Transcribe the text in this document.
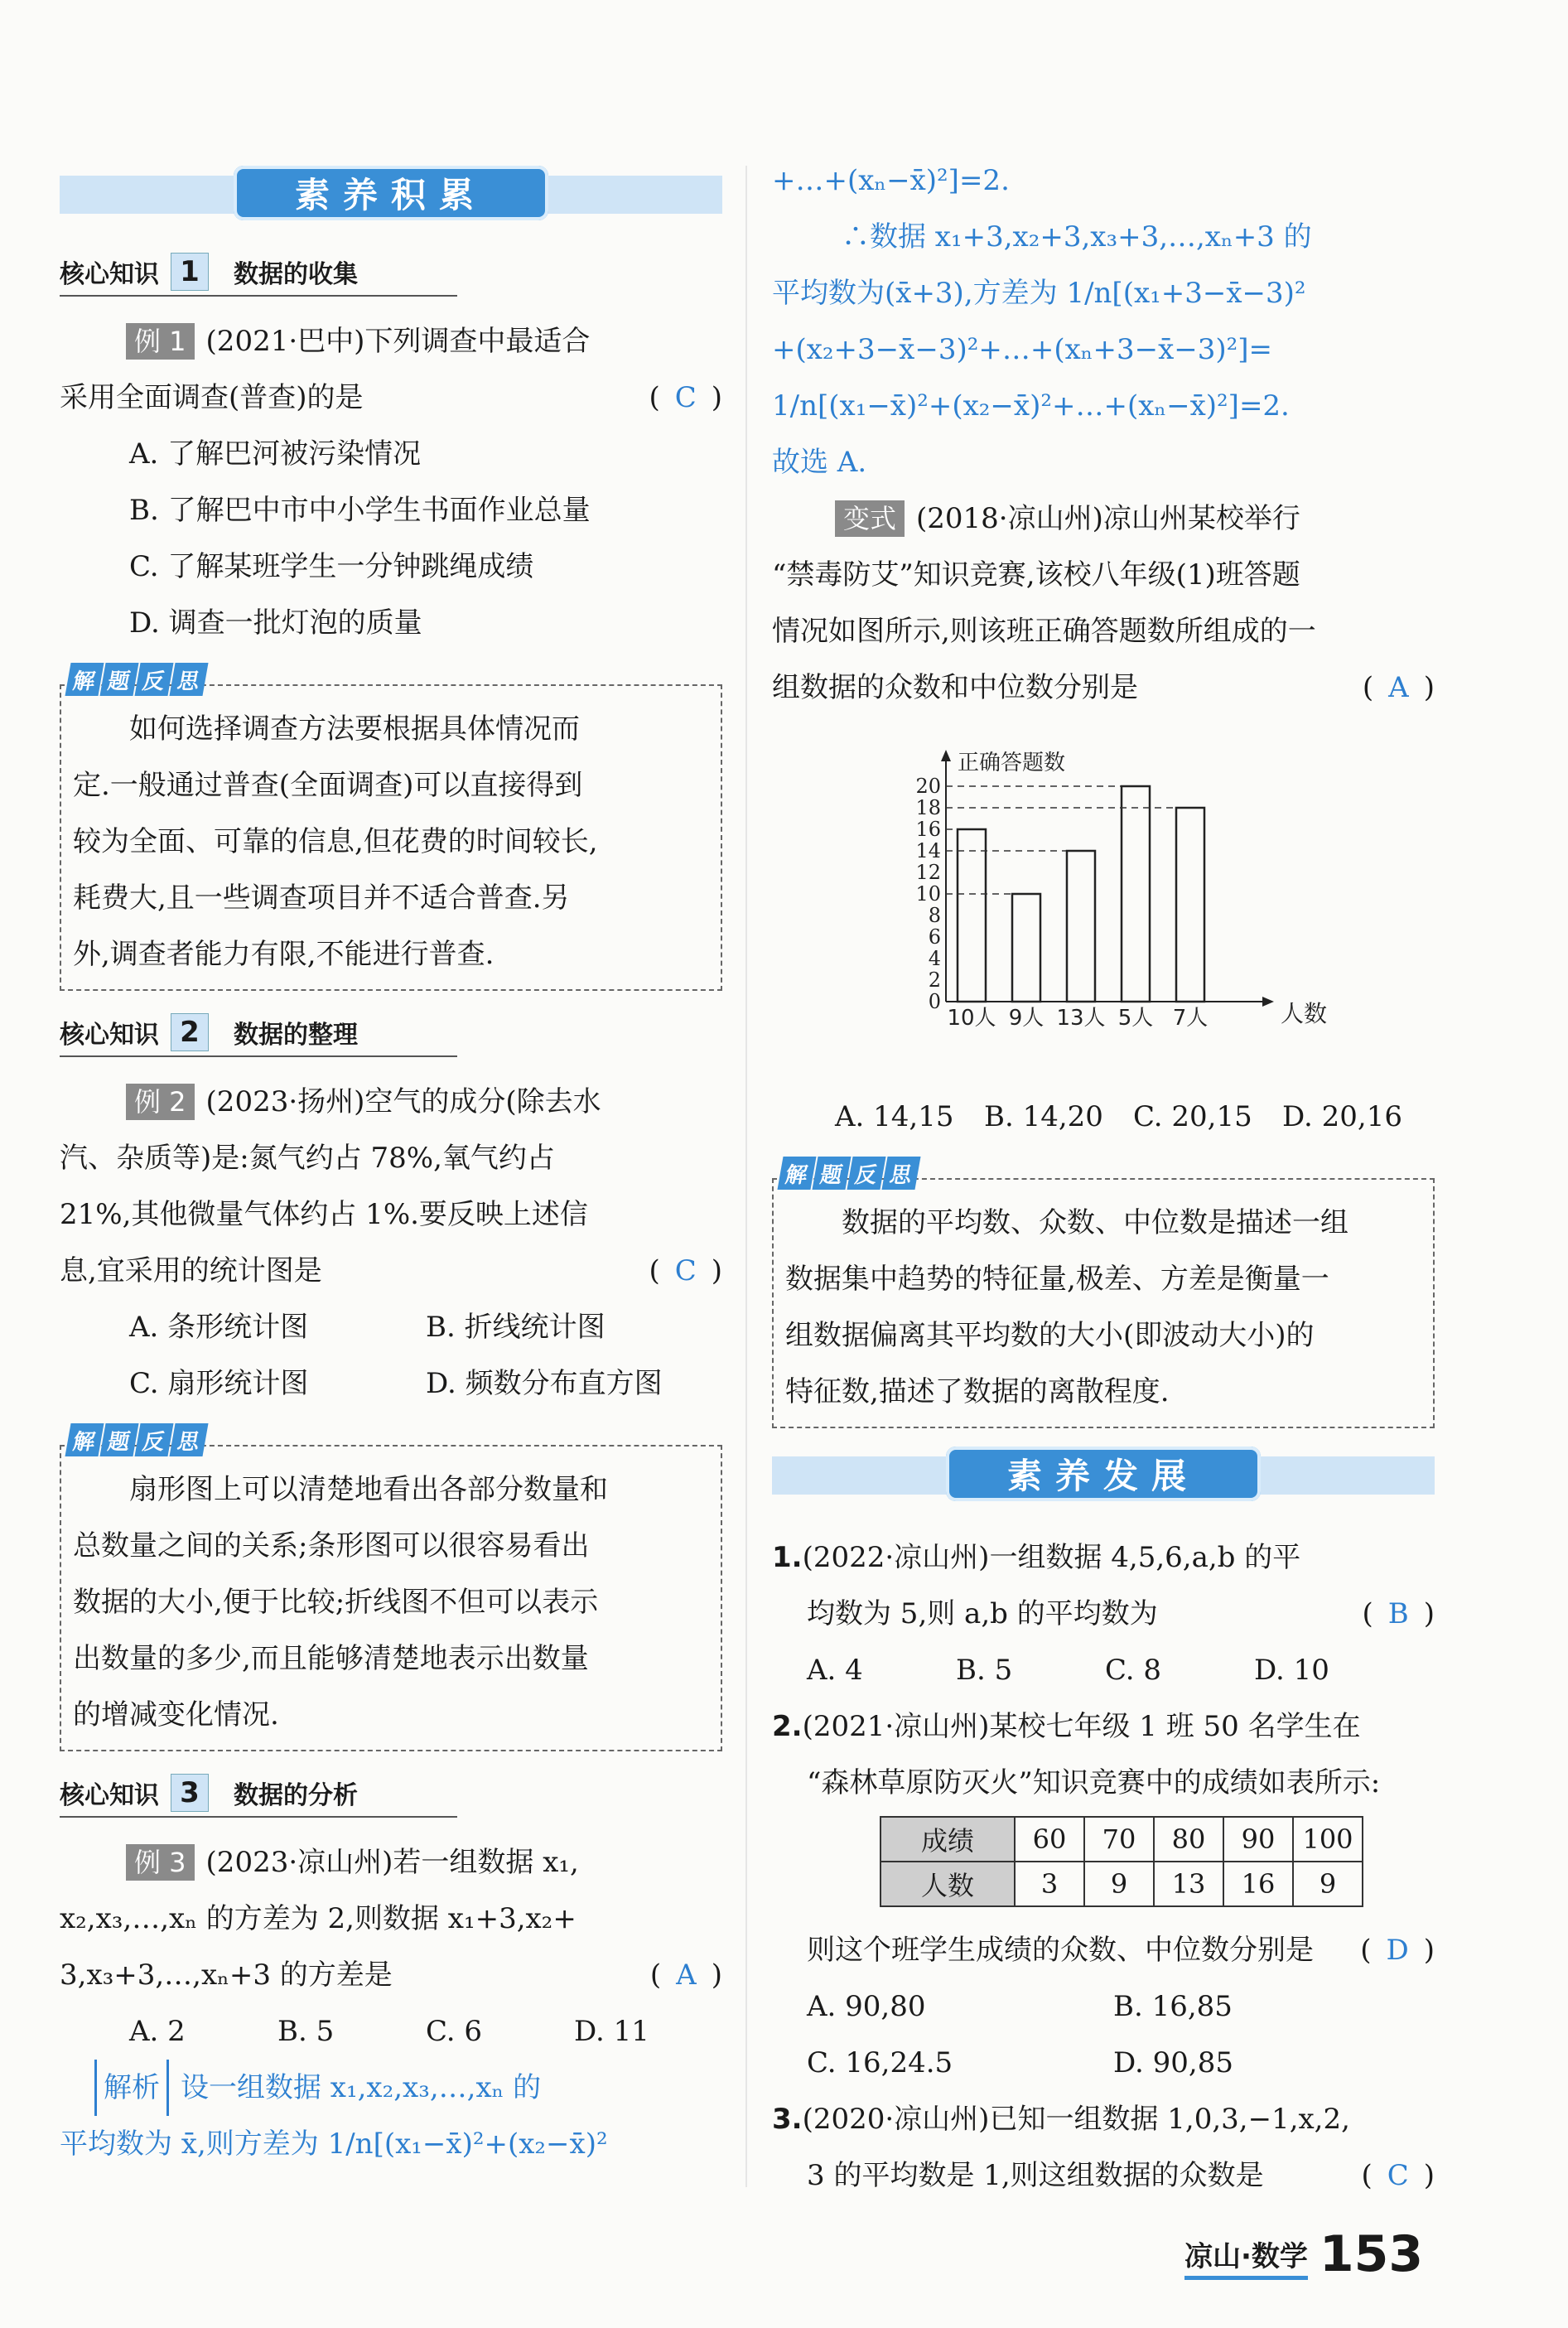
素养积累
核心知识 1	数据的收集

例 1 (2021·巴中)下列调查中最适合

采用全面调查(普查)的是	( C )

A. 了解巴河被污染情况

B. 了解巴中市中小学生书面作业总量

C. 了解某班学生一分钟跳绳成绩

D. 调查一批灯泡的质量

解 题 反 思

如何选择调查方法要根据具体情况而

定.一般通过普查(全面调查)可以直接得到

较为全面、可靠的信息,但花费的时间较长,

耗费大,且一些调查项目并不适合普查.另

外,调查者能力有限,不能进行普查.

核心知识 2	数据的整理

例 2 (2023·扬州)空气的成分(除去水

汽、杂质等)是:氮气约占 78%,氧气约占

21%,其他微量气体约占 1%.要反映上述信

息,宜采用的统计图是	( C )

A. 条形统计图	B. 折线统计图
C. 扇形统计图	D. 频数分布直方图
解 题 反 思

扇形图上可以清楚地看出各部分数量和

总数量之间的关系;条形图可以很容易看出

数据的大小,便于比较;折线图不但可以表示

出数量的多少,而且能够清楚地表示出数量

的增减变化情况.

核心知识 3	数据的分析

例 3 (2023·凉山州)若一组数据 x₁,

x₂,x₃,…,xₙ 的方差为 2,则数据 x₁+3,x₂+

3,x₃+3,…,xₙ+3 的方差是	( A )

A. 2	B. 5	C. 6	D. 11

解析 设一组数据 x₁,x₂,x₃,…,xₙ 的

平均数为 x̄,则方差为 1/n[(x₁−x̄)²+(x₂−x̄)²

+…+(xₙ−x̄)²]=2.

∴数据 x₁+3,x₂+3,x₃+3,…,xₙ+3 的

平均数为(x̄+3),方差为 1/n[(x₁+3−x̄−3)²

+(x₂+3−x̄−3)²+…+(xₙ+3−x̄−3)²]=

1/n[(x₁−x̄)²+(x₂−x̄)²+…+(xₙ−x̄)²]=2.

故选 A.

变式 (2018·凉山州)凉山州某校举行

“禁毒防艾”知识竞赛,该校八年级(1)班答题

情况如图所示,则该班正确答题数所组成的一

组数据的众数和中位数分别是	( A )

0
2
4
6
8
10
12
14
16
18
20
正确答题数
人数
10人 9人 13人 5人 7人
A. 14,15	B. 14,20	C. 20,15	D. 20,16
解 题 反 思

数据的平均数、众数、中位数是描述一组

数据集中趋势的特征量,极差、方差是衡量一

组数据偏离其平均数的大小(即波动大小)的

特征数,描述了数据的离散程度.

素养发展

1.(2022·凉山州)一组数据 4,5,6,a,b 的平

均数为 5,则 a,b 的平均数为	( B )

A. 4	B. 5	C. 8	D. 10

2.(2021·凉山州)某校七年级 1 班 50 名学生在

“森林草原防灭火”知识竞赛中的成绩如表所示:

成绩	60	70	80	90	100
人数	3	9	13	16	9

则这个班学生成绩的众数、中位数分别是 ( D )

A. 90,80	B. 16,85
C. 16,24.5	D. 90,85

3.(2020·凉山州)已知一组数据 1,0,3,−1,x,2,

3 的平均数是 1,则这组数据的众数是	( C )

凉山·数学 153
